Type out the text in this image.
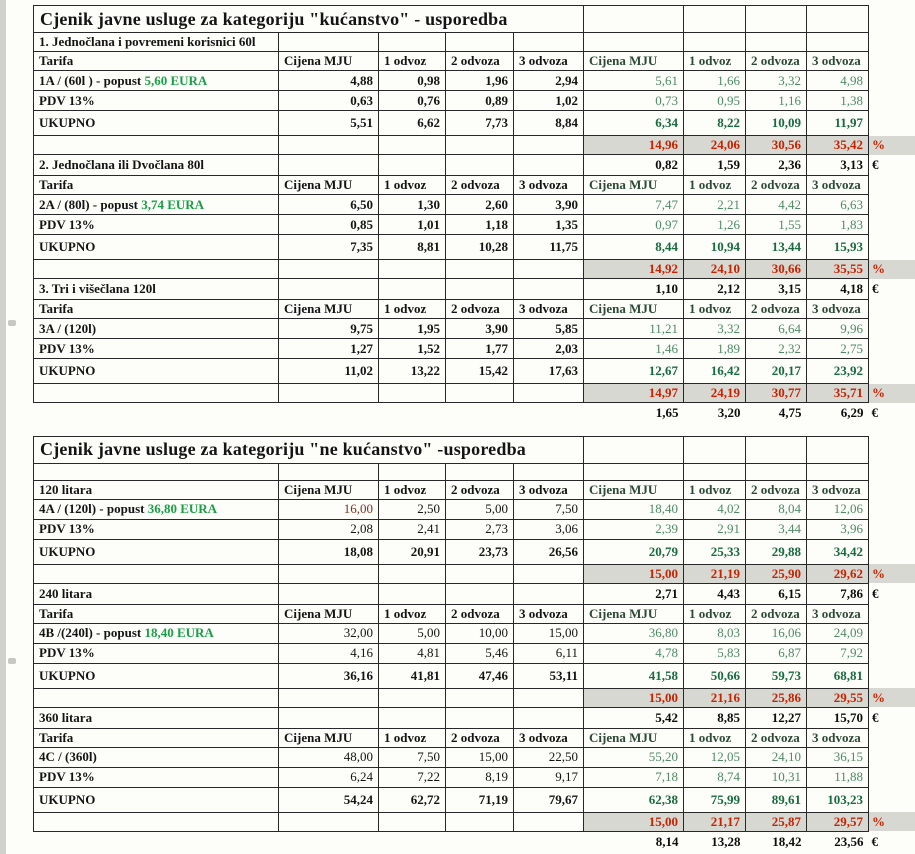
Cjenik javne usluge za kategoriju "kućanstvo" - usporedba									
1. Jednočlana i povremeni korisnici 60l									
Tarifa	Cijena MJU	1 odvoz	2 odvoza	3 odvoza	Cijena MJU	1 odvoz	2 odvoza	3 odvoza	
1A / (60l ) - popust 5,60 EURA	4,88	0,98	1,96	2,94	5,61	1,66	3,32	4,98	
PDV 13%	0,63	0,76	0,89	1,02	0,73	0,95	1,16	1,38	
UKUPNO	5,51	6,62	7,73	8,84	6,34	8,22	10,09	11,97	
					14,96	24,06	30,56	35,42	%
2. Jednočlana ili Dvočlana 80l					0,82	1,59	2,36	3,13	€
Tarifa	Cijena MJU	1 odvoz	2 odvoza	3 odvoza	Cijena MJU	1 odvoz	2 odvoza	3 odvoza	
2A / (80l) - popust 3,74 EURA	6,50	1,30	2,60	3,90	7,47	2,21	4,42	6,63	
PDV 13%	0,85	1,01	1,18	1,35	0,97	1,26	1,55	1,83	
UKUPNO	7,35	8,81	10,28	11,75	8,44	10,94	13,44	15,93	
					14,92	24,10	30,66	35,55	%
3. Tri i višečlana 120l					1,10	2,12	3,15	4,18	€
Tarifa	Cijena MJU	1 odvoz	2 odvoza	3 odvoza	Cijena MJU	1 odvoz	2 odvoza	3 odvoza	
3A / (120l)	9,75	1,95	3,90	5,85	11,21	3,32	6,64	9,96	
PDV 13%	1,27	1,52	1,77	2,03	1,46	1,89	2,32	2,75	
UKUPNO	11,02	13,22	15,42	17,63	12,67	16,42	20,17	23,92	
					14,97	24,19	30,77	35,71	%
					1,65	3,20	4,75	6,29	€
Cjenik javne usluge za kategoriju "ne kućanstvo" -usporedba									

120 litara	Cijena MJU	1 odvoz	2 odvoza	3 odvoza	Cijena MJU	1 odvoz	2 odvoza	3 odvoza	
4A / (120l) - popust 36,80 EURA	16,00	2,50	5,00	7,50	18,40	4,02	8,04	12,06	
PDV 13%	2,08	2,41	2,73	3,06	2,39	2,91	3,44	3,96	
UKUPNO	18,08	20,91	23,73	26,56	20,79	25,33	29,88	34,42	
					15,00	21,19	25,90	29,62	%
240 litara					2,71	4,43	6,15	7,86	€
Tarifa	Cijena MJU	1 odvoz	2 odvoza	3 odvoza	Cijena MJU	1 odvoz	2 odvoza	3 odvoza	
4B /(240l) - popust 18,40 EURA	32,00	5,00	10,00	15,00	36,80	8,03	16,06	24,09	
PDV 13%	4,16	4,81	5,46	6,11	4,78	5,83	6,87	7,92	
UKUPNO	36,16	41,81	47,46	53,11	41,58	50,66	59,73	68,81	
					15,00	21,16	25,86	29,55	%
360 litara					5,42	8,85	12,27	15,70	€
Tarifa	Cijena MJU	1 odvoz	2 odvoza	3 odvoza	Cijena MJU	1 odvoz	2 odvoza	3 odvoza	
4C / (360l)	48,00	7,50	15,00	22,50	55,20	12,05	24,10	36,15	
PDV 13%	6,24	7,22	8,19	9,17	7,18	8,74	10,31	11,88	
UKUPNO	54,24	62,72	71,19	79,67	62,38	75,99	89,61	103,23	
					15,00	21,17	25,87	29,57	%
					8,14	13,28	18,42	23,56	€
